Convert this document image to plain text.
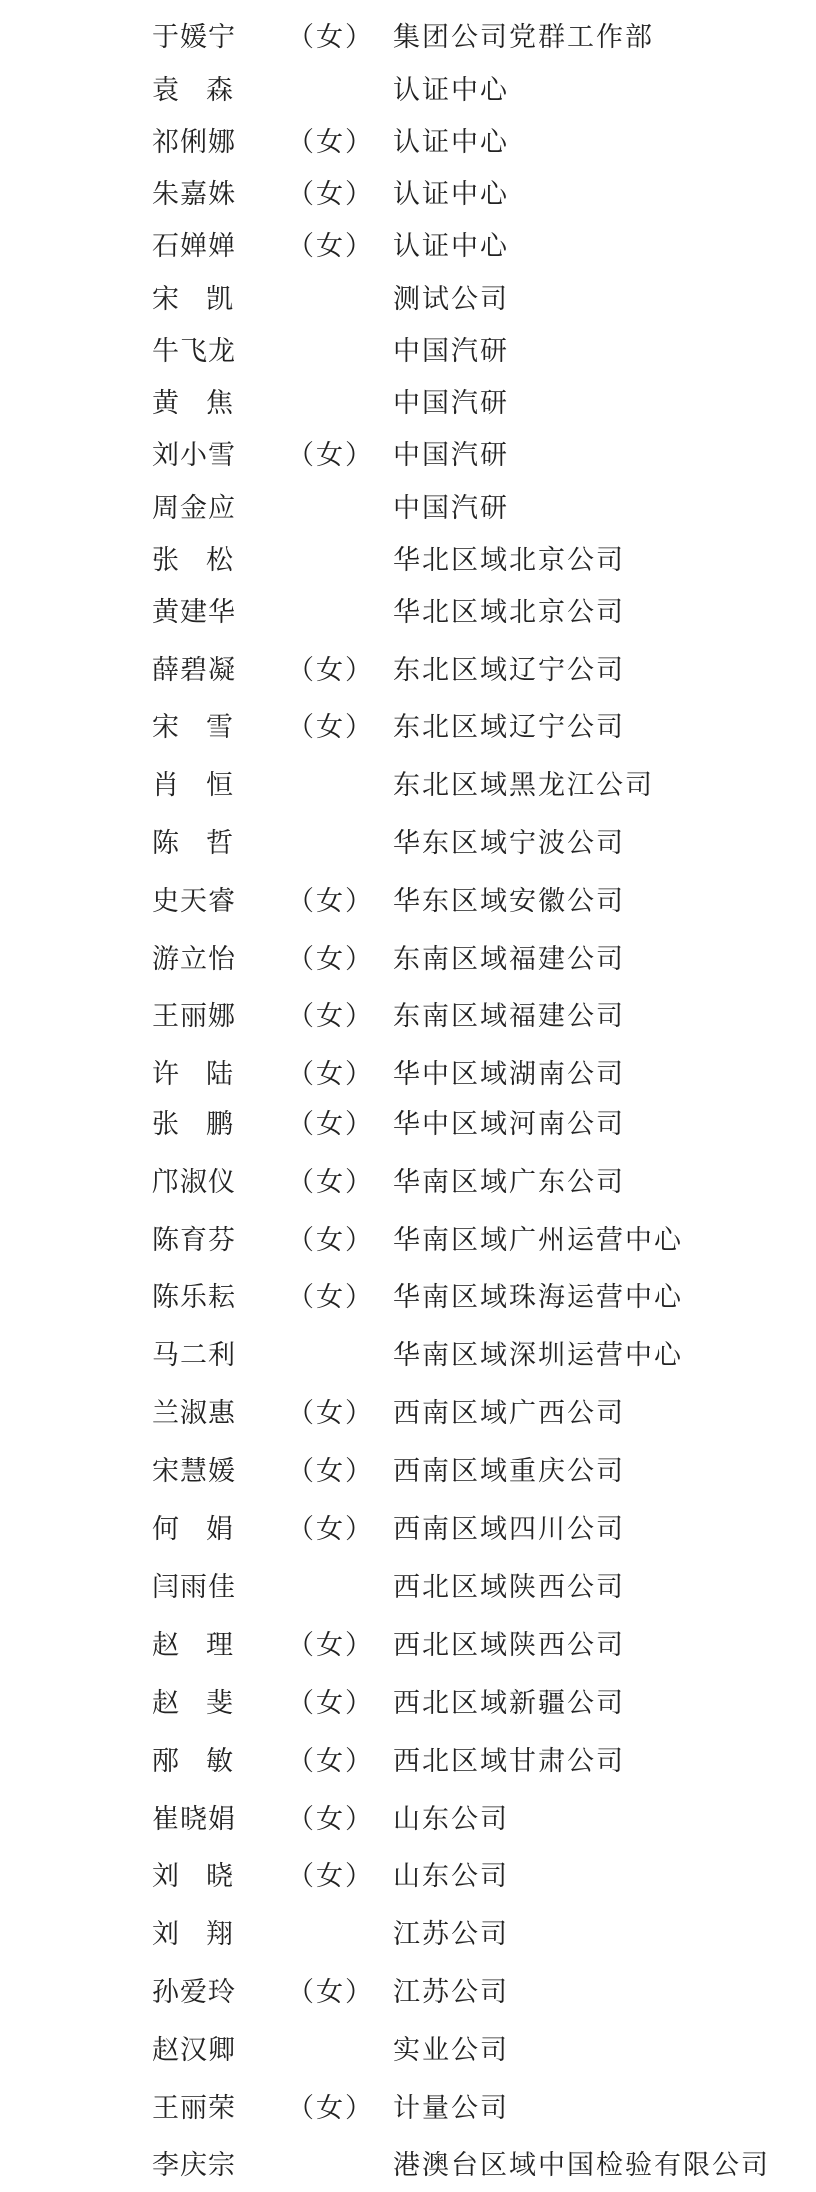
于媛宁	（女） 集团公司党群工作部
袁森	认证中心
祁俐娜	（女） 认证中心
朱嘉姝	（女） 认证中心
石婵婵	（女） 认证中心
宋凯	测试公司
牛飞龙	中国汽研
黄焦	中国汽研
刘小雪	（女） 中国汽研
周金应	中国汽研
张松	华北区域北京公司
黄建华	华北区域北京公司
薛碧凝	（女） 东北区域辽宁公司
宋雪	（女） 东北区域辽宁公司
肖恒	东北区域黑龙江公司
陈哲	华东区域宁波公司
史天睿	（女） 华东区域安徽公司
游立怡	（女） 东南区域福建公司
王丽娜	（女） 东南区域福建公司
许陆	（女） 华中区域湖南公司
张鹏	（女） 华中区域河南公司
邝淑仪	（女） 华南区域广东公司
陈育芬	（女） 华南区域广州运营中心
陈乐耘	（女） 华南区域珠海运营中心
马二利	华南区域深圳运营中心
兰淑惠	（女） 西南区域广西公司
宋慧媛	（女） 西南区域重庆公司
何娟	（女） 西南区域四川公司
闫雨佳	西北区域陕西公司
赵理	（女） 西北区域陕西公司
赵斐	（女） 西北区域新疆公司
邴敏	（女） 西北区域甘肃公司
崔晓娟	（女） 山东公司
刘晓	（女） 山东公司
刘翔	江苏公司
孙爱玲	（女） 江苏公司
赵汉卿	实业公司
王丽荣	（女） 计量公司
李庆宗	港澳台区域中国检验有限公司
